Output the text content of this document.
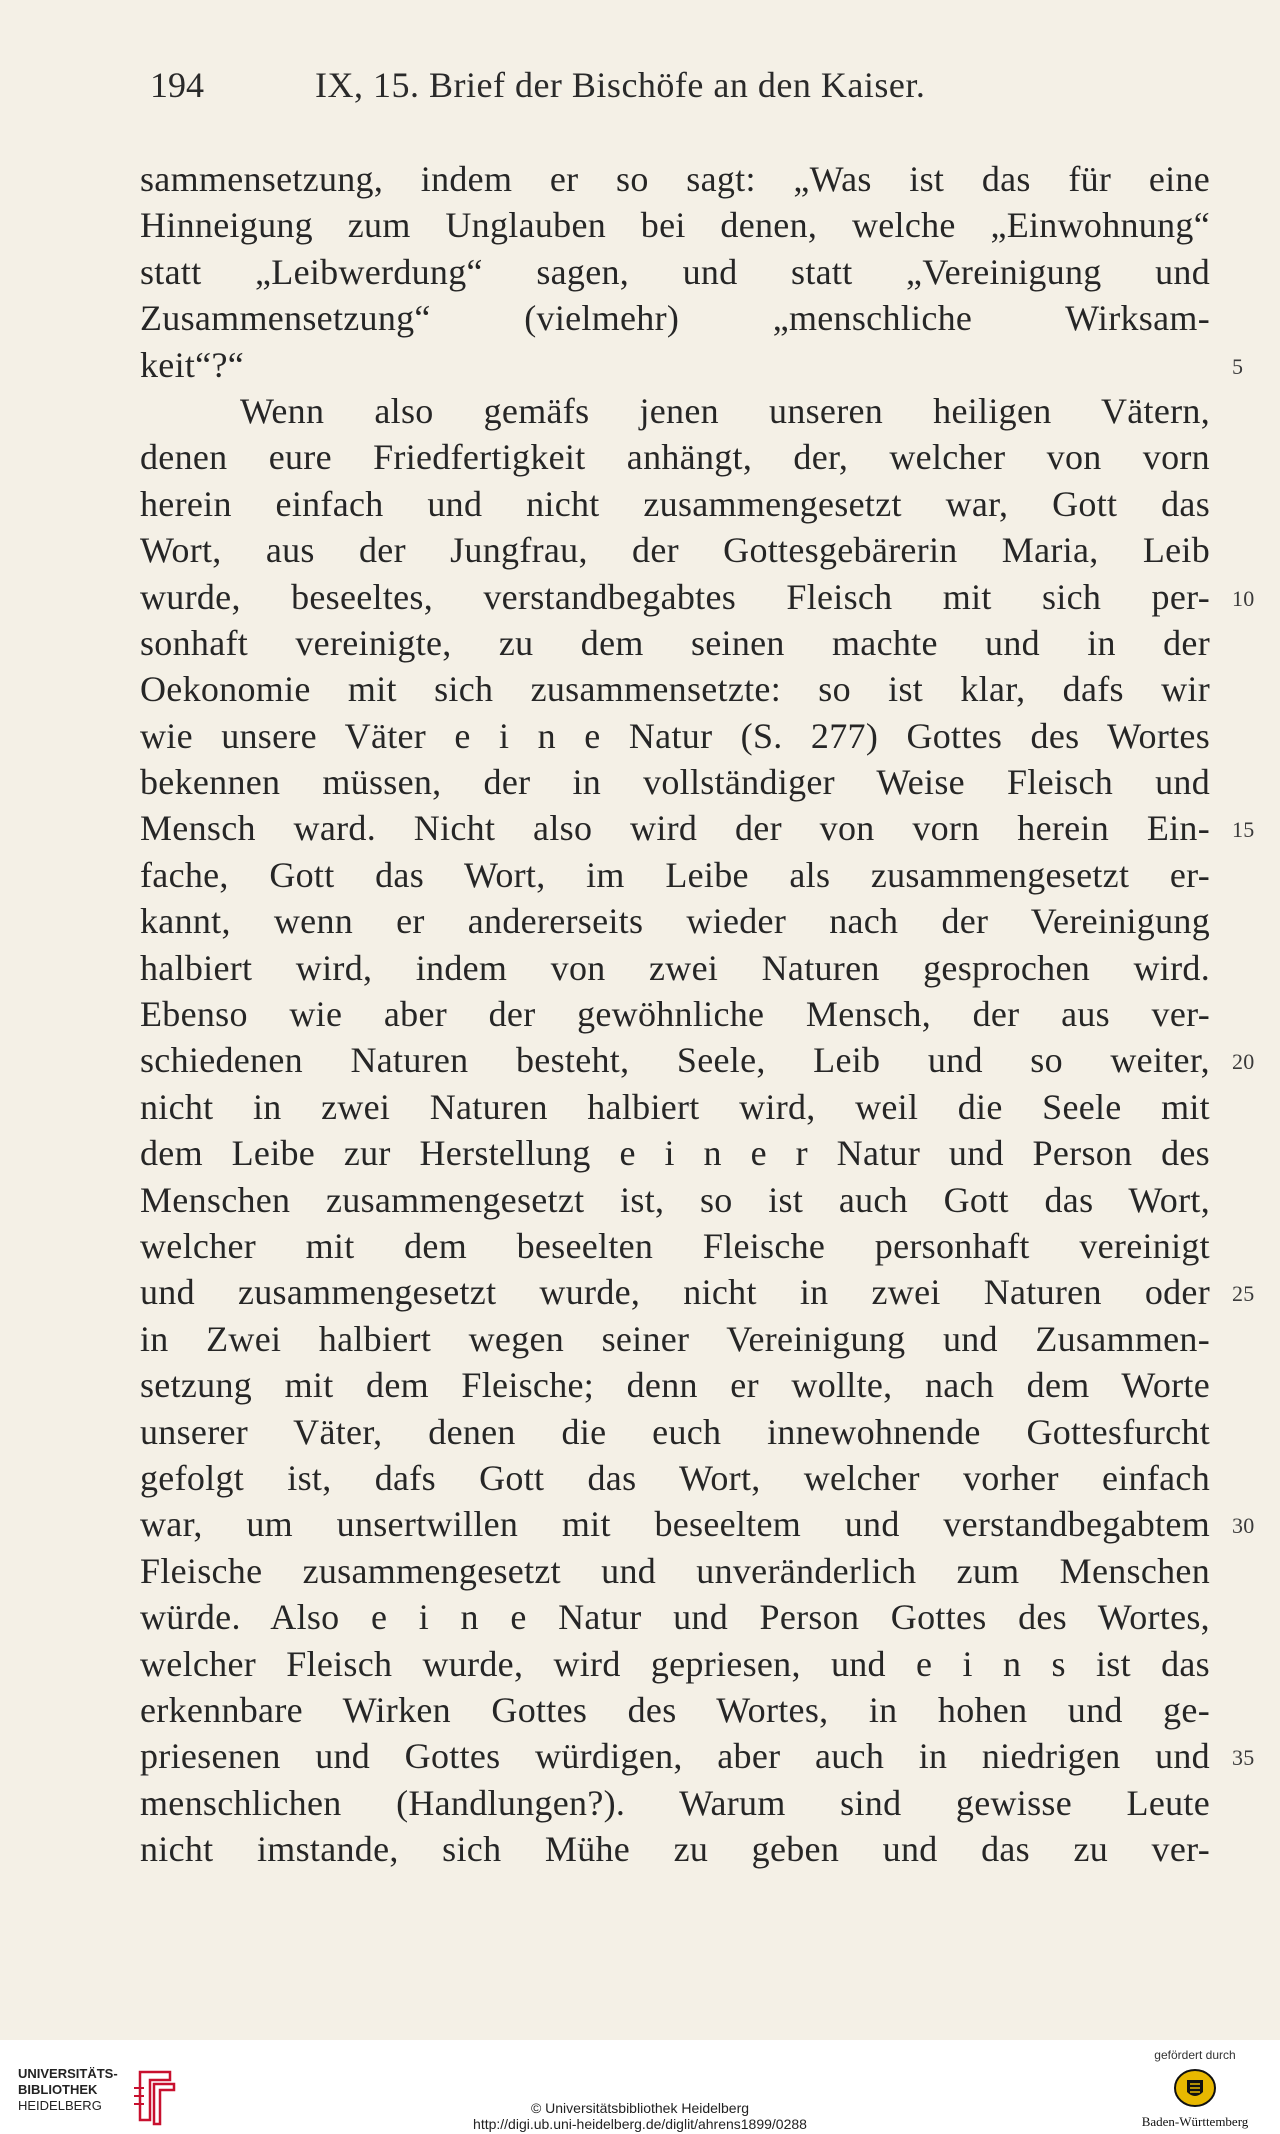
194	IX, 15. Brief der Bischöfe an den Kaiser.
sammensetzung, indem er so sagt: „Was ist das für eine
Hinneigung zum Unglauben bei denen, welche „Einwohnung“
statt „Leibwerdung“ sagen, und statt „Vereinigung und
Zusammensetzung“ (vielmehr) „menschliche Wirksam-
keit“?“	5
Wenn also gemäfs jenen unseren heiligen Vätern,
denen eure Friedfertigkeit anhängt, der, welcher von vorn
herein einfach und nicht zusammengesetzt war, Gott das
Wort, aus der Jungfrau, der Gottesgebärerin Maria, Leib
wurde, beseeltes, verstandbegabtes Fleisch mit sich per- 10
sonhaft vereinigte, zu dem seinen machte und in der
Oekonomie mit sich zusammensetzte: so ist klar, dafs wir
wie unsere Väter e i n e Natur (S. 277) Gottes des Wortes
bekennen müssen, der in vollständiger Weise Fleisch und
Mensch ward. Nicht also wird der von vorn herein Ein- 15
fache, Gott das Wort, im Leibe als zusammengesetzt er-
kannt, wenn er andererseits wieder nach der Vereinigung
halbiert wird, indem von zwei Naturen gesprochen wird.
Ebenso wie aber der gewöhnliche Mensch, der aus ver-
schiedenen Naturen besteht, Seele, Leib und so weiter, 20
nicht in zwei Naturen halbiert wird, weil die Seele mit
dem Leibe zur Herstellung e i n e r Natur und Person des
Menschen zusammengesetzt ist, so ist auch Gott das Wort,
welcher mit dem beseelten Fleische personhaft vereinigt
und zusammengesetzt wurde, nicht in zwei Naturen oder 25
in Zwei halbiert wegen seiner Vereinigung und Zusammen-
setzung mit dem Fleische; denn er wollte, nach dem Worte
unserer Väter, denen die euch innewohnende Gottesfurcht
gefolgt ist, dafs Gott das Wort, welcher vorher einfach
war, um unsertwillen mit beseeltem und verstandbegabtem 30
Fleische zusammengesetzt und unveränderlich zum Menschen
würde. Also e i n e Natur und Person Gottes des Wortes,
welcher Fleisch wurde, wird gepriesen, und e i n s ist das
erkennbare Wirken Gottes des Wortes, in hohen und ge-
priesenen und Gottes würdigen, aber auch in niedrigen und 35
menschlichen (Handlungen?). Warum sind gewisse Leute
nicht imstande, sich Mühe zu geben und das zu ver-
UNIVERSITÄTS-
BIBLIOTHEK
HEIDELBERG	© Universitätsbibliothek Heidelberg
http://digi.ub.uni-heidelberg.de/diglit/ahrens1899/0288
gefördert durch
Baden-Württemberg
